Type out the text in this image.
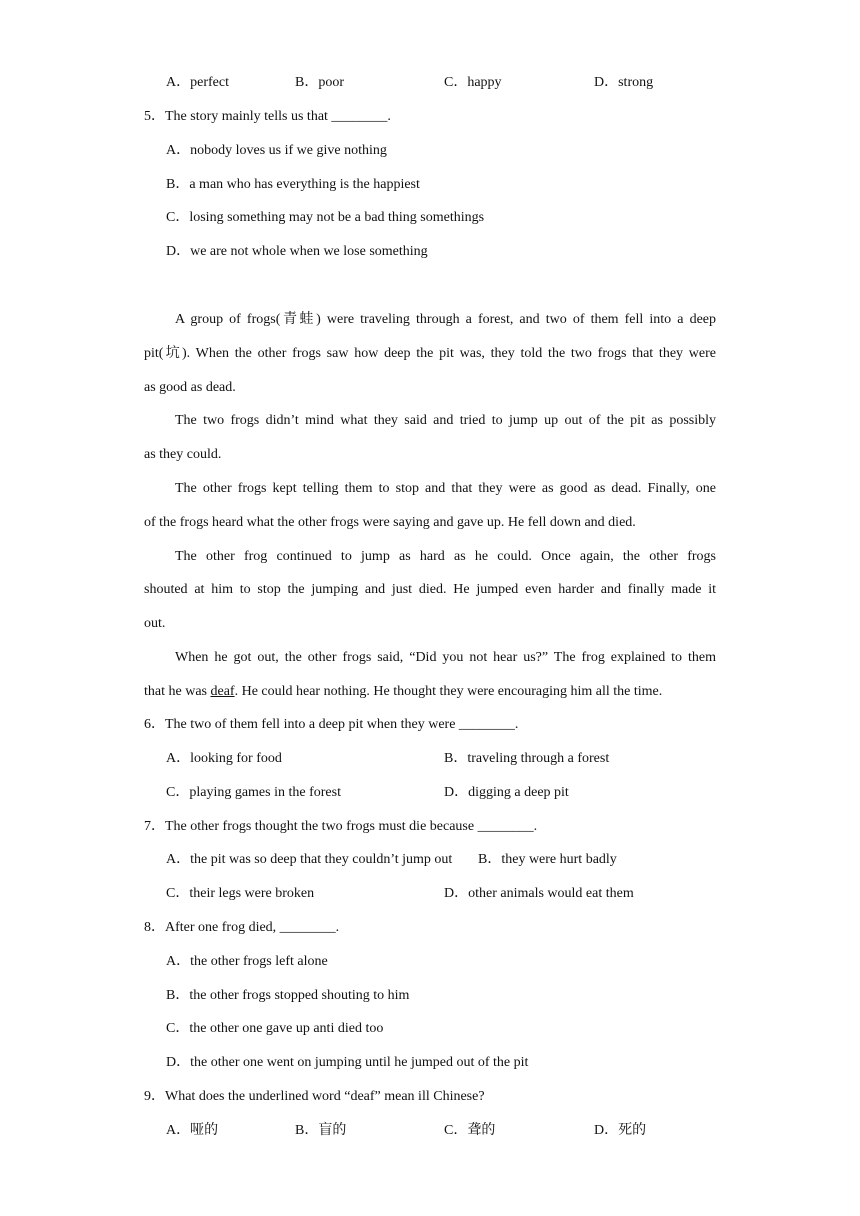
A．perfect	B．poor	C．happy	D．strong
5．The story mainly tells us that ________.
A．nobody loves us if we give nothing
B．a man who has everything is the happiest
C．losing something may not be a bad thing somethings
D．we are not whole when we lose something
A group of frogs(青蛙) were traveling through a forest, and two of them fell into a deep
pit(坑). When the other frogs saw how deep the pit was, they told the two frogs that they were
as good as dead.
The two frogs didn’t mind what they said and tried to jump up out of the pit as possibly
as they could.
The other frogs kept telling them to stop and that they were as good as dead. Finally, one
of the frogs heard what the other frogs were saying and gave up. He fell down and died.
The other frog continued to jump as hard as he could. Once again, the other frogs
shouted at him to stop the jumping and just died. He jumped even harder and finally made it
out.
When he got out, the other frogs said, “Did you not hear us?” The frog explained to them
that he was deaf. He could hear nothing. He thought they were encouraging him all the time.
6．The two of them fell into a deep pit when they were ________.
A．looking for food	B．traveling through a forest
C．playing games in the forest	D．digging a deep pit
7．The other frogs thought the two frogs must die because ________.
A．the pit was so deep that they couldn’t jump out B．they were hurt badly
C．their legs were broken	D．other animals would eat them
8．After one frog died, ________.
A．the other frogs left alone
B．the other frogs stopped shouting to him
C．the other one gave up anti died too
D．the other one went on jumping until he jumped out of the pit
9．What does the underlined word “deaf” mean ill Chinese?
A．哑的	B．盲的	C．聋的	D．死的
